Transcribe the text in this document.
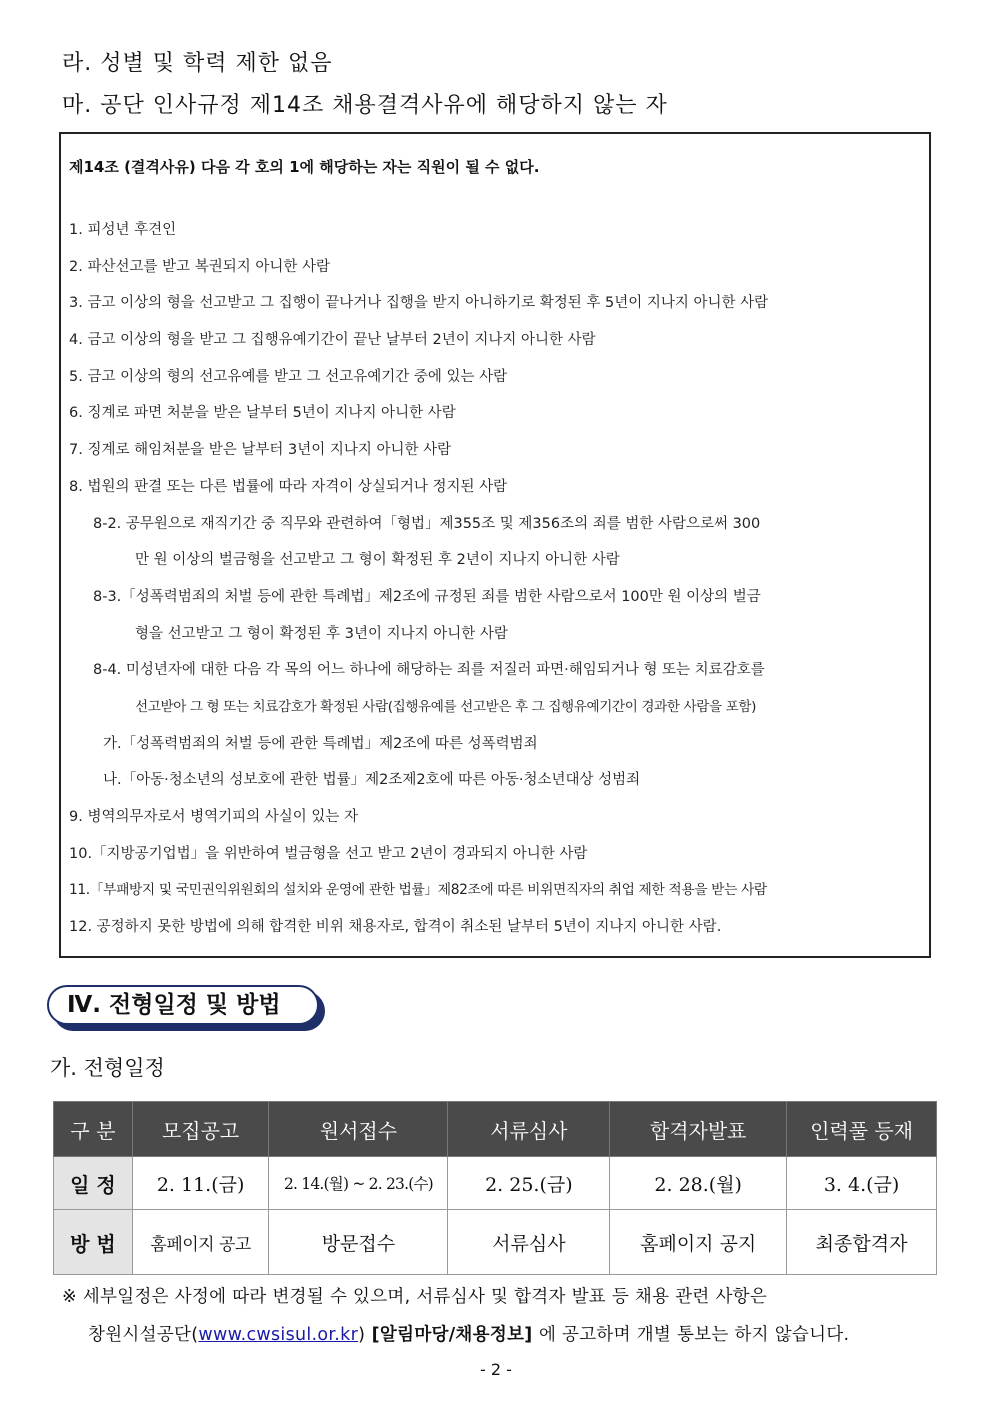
라. 성별 및 학력 제한 없음
마. 공단 인사규정 제14조 채용결격사유에 해당하지 않는 자
제14조 (결격사유) 다음 각 호의 1에 해당하는 자는 직원이 될 수 없다.
1. 피성년 후견인
2. 파산선고를 받고 복권되지 아니한 사람
3. 금고 이상의 형을 선고받고 그 집행이 끝나거나 집행을 받지 아니하기로 확정된 후 5년이 지나지 아니한 사람
4. 금고 이상의 형을 받고 그 집행유예기간이 끝난 날부터 2년이 지나지 아니한 사람
5. 금고 이상의 형의 선고유예를 받고 그 선고유예기간 중에 있는 사람
6. 징계로 파면 처분을 받은 날부터 5년이 지나지 아니한 사람
7. 징계로 해임처분을 받은 날부터 3년이 지나지 아니한 사람
8. 법원의 판결 또는 다른 법률에 따라 자격이 상실되거나 정지된 사람
8-2. 공무원으로 재직기간 중 직무와 관련하여「형법」제355조 및 제356조의 죄를 범한 사람으로써 300
만 원 이상의 벌금형을 선고받고 그 형이 확정된 후 2년이 지나지 아니한 사람
8-3.「성폭력범죄의 처벌 등에 관한 특례법」제2조에 규정된 죄를 범한 사람으로서 100만 원 이상의 벌금
형을 선고받고 그 형이 확정된 후 3년이 지나지 아니한 사람
8-4. 미성년자에 대한 다음 각 목의 어느 하나에 해당하는 죄를 저질러 파면·해임되거나 형 또는 치료감호를
선고받아 그 형 또는 치료감호가 확정된 사람(집행유예를 선고받은 후 그 집행유예기간이 경과한 사람을 포함)
가.「성폭력범죄의 처벌 등에 관한 특례법」제2조에 따른 성폭력범죄
나.「아동·청소년의 성보호에 관한 법률」제2조제2호에 따른 아동·청소년대상 성범죄
9. 병역의무자로서 병역기피의 사실이 있는 자
10.「지방공기업법」을 위반하여 벌금형을 선고 받고 2년이 경과되지 아니한 사람
11.「부패방지 및 국민권익위원회의 설치와 운영에 관한 법률」제82조에 따른 비위면직자의 취업 제한 적용을 받는 사람
12. 공정하지 못한 방법에 의해 합격한 비위 채용자로, 합격이 취소된 날부터 5년이 지나지 아니한 사람.
Ⅳ. 전형일정 및 방법
가. 전형일정
구 분	모집공고	원서접수	서류심사	합격자발표	인력풀 등재
일 정	2. 11.(금)	2. 14.(월) ~ 2. 23.(수)	2. 25.(금)	2. 28.(월)	3. 4.(금)
방 법	홈페이지 공고	방문접수	서류심사	홈페이지 공지	최종합격자
※ 세부일정은 사정에 따라 변경될 수 있으며, 서류심사 및 합격자 발표 등 채용 관련 사항은
창원시설공단(www.cwsisul.or.kr) [알림마당/채용정보] 에 공고하며 개별 통보는 하지 않습니다.
- 2 -
